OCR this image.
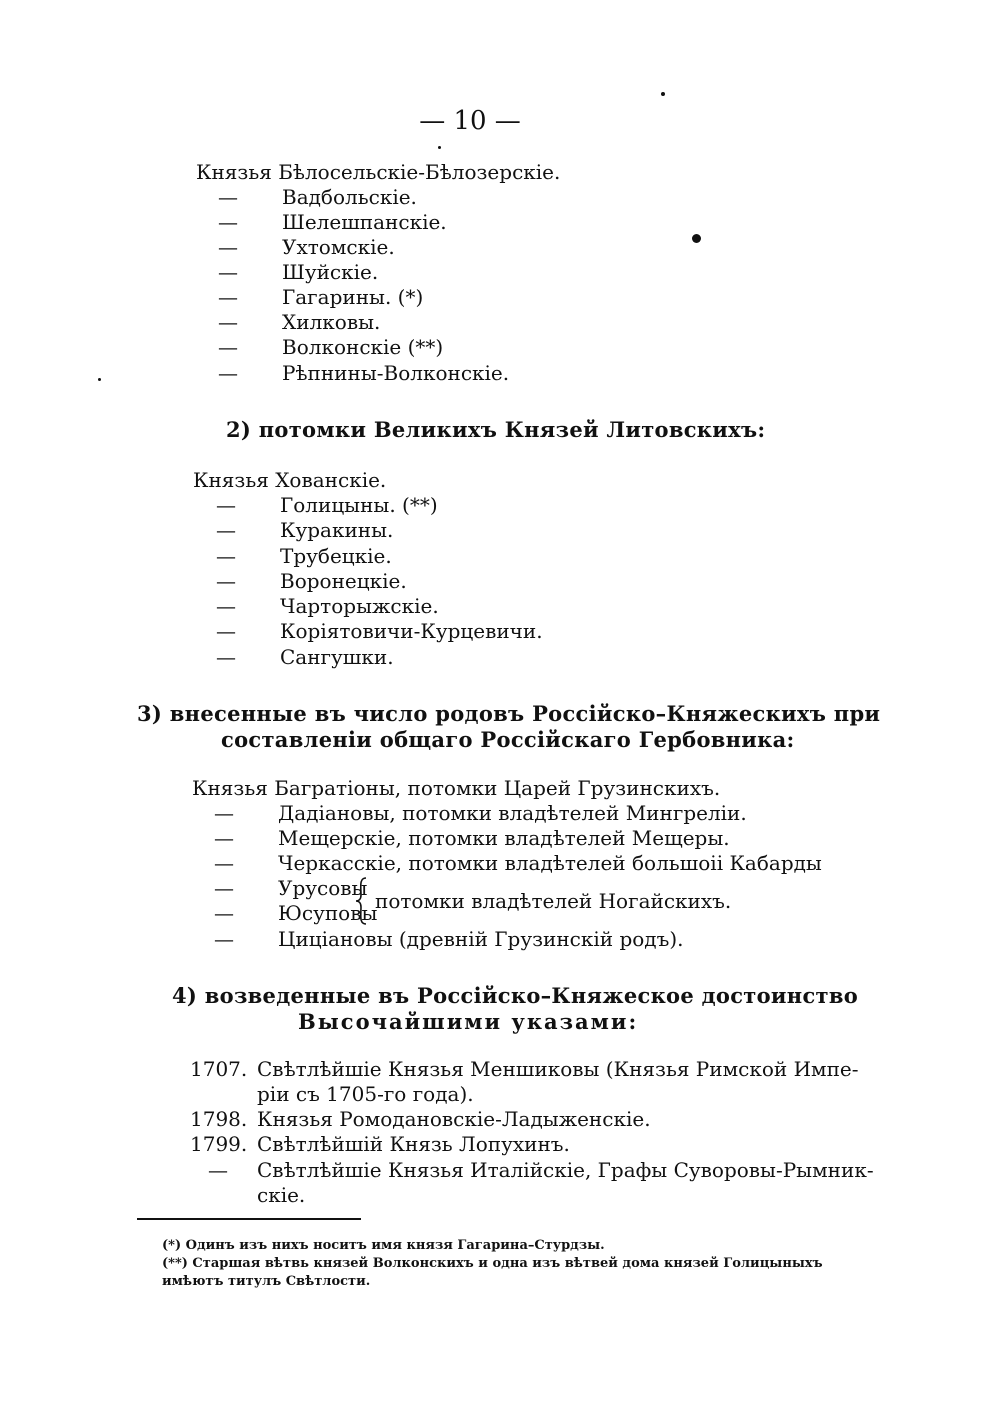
— 10 —
Князья Бѣлосельскіе-Бѣлозерскіе.
— Вадбольскіе.
— Шелешпанскіе.
— Ухтомскіе.
— Шуйскіе.
— Гагарины. (*)
— Хилковы.
— Волконскіе (**)
— Рѣпнины-Волконскіе.
2) потомки Великихъ Князей Литовскихъ:
Князья Хованскіе.
— Голицыны. (**)
— Куракины.
— Трубецкіе.
— Воронецкіе.
— Чарторыжскіе.
— Коріятовичи-Курцевичи.
— Сангушки.
3) внесенные въ число родовъ Россійско–Княжескихъ при
составленіи общаго Россійскаго Гербовника:
Князья Багратіоны, потомки Царей Грузинскихъ.
— Дадіановы, потомки владѣтелей Мингреліи.
— Мещерскіе, потомки владѣтелей Мещеры.
— Черкасскіе, потомки владѣтелей большоіі Кабарды
— Урусовы
— Юсуповы
потомки владѣтелей Ногайскихъ.
— Цицiановы (древній Грузинскій родъ).
4) возведенные въ Россійско–Княжеское достоинство
Высочайшими указами:
1707. Свѣтлѣйшіе Князья Меншиковы (Князья Римской Импе-
ріи съ 1705-го года).
1798. Князья Ромодановскіе-Ладыженскіе.
1799. Свѣтлѣйшій Князь Лопухинъ.
— Свѣтлѣйшіе Князья Италійскіе, Графы Суворовы-Рымник-
скіе.
(*) Одинъ изъ нихъ носитъ имя князя Гагарина–Стурдзы.
(**) Старшая вѣтвь князей Волконскихъ и одна изъ вѣтвей дома князей Голицыныхъ
имѣютъ титулъ Свѣтлости.
